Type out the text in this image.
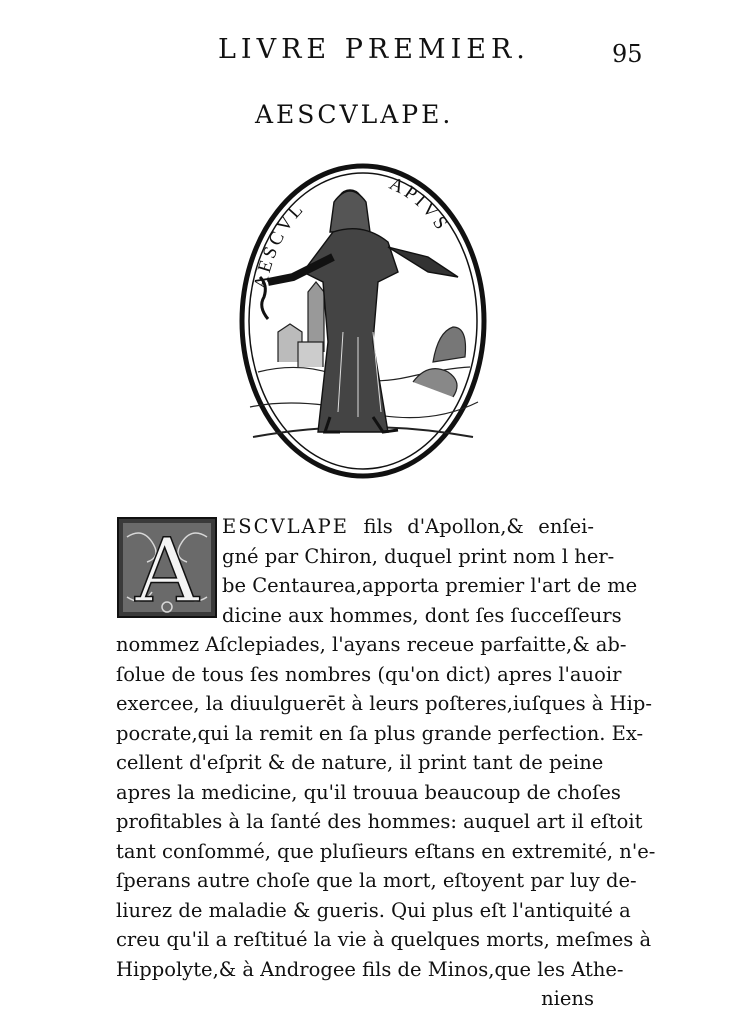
LIVRE PREMIER.	95
AESCVLAPE.
AESCVL
APIVS
A	ESCVLAPE fils d'Apollon,& enſei-
gné par Chiron, duquel print nom l her-
be Centaurea,apporta premier l'art de me
dicine aux hommes, dont ſes ſucceſſeurs
nommez Aſclepiades, l'ayans receue parfaitte,& ab-
ſolue de tous ſes nombres (qu'on dict) apres l'auoir
exercee, la diuulguerēt à leurs poſteres,iuſques à Hip-
pocrate,qui la remit en ſa plus grande perfection. Ex-
cellent d'eſprit & de nature, il print tant de peine
apres la medicine, qu'il trouua beaucoup de choſes
profitables à la ſanté des hommes: auquel art il eſtoit
tant conſommé, que pluſieurs eſtans en extremité, n'e-
ſperans autre choſe que la mort, eſtoyent par luy de-
liurez de maladie & gueris. Qui plus eſt l'antiquité a
creu qu'il a reſtitué la vie à quelques morts, meſmes à
Hippolyte,& à Androgee fils de Minos,que les Athe-
niens
